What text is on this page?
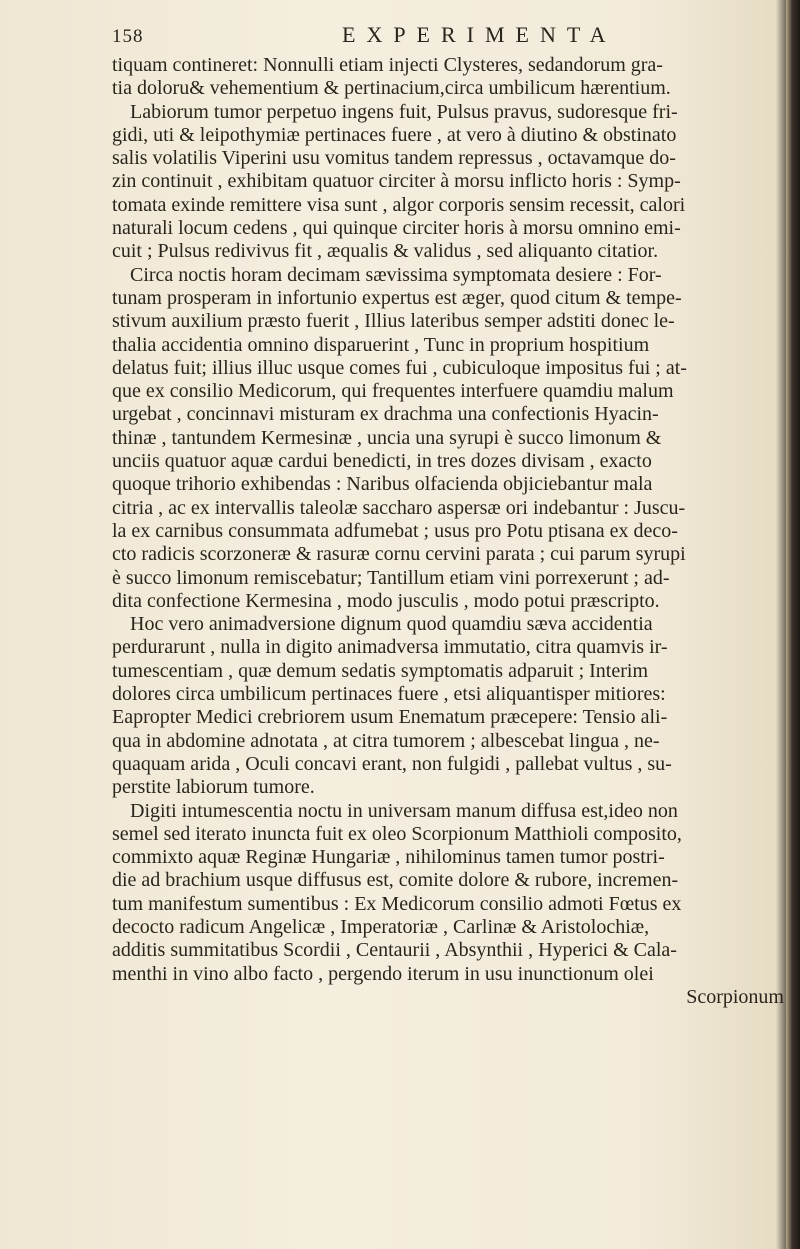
158	EXPERIMENTA
tiquam contineret: Nonnulli etiam injecti Clysteres, sedandorum gra-
tia doloru& vehementium & pertinacium,circa umbilicum hærentium.
Labiorum tumor perpetuo ingens fuit, Pulsus pravus, sudoresque fri-
gidi, uti & leipothymiæ pertinaces fuere , at vero à diutino & obstinato
salis volatilis Viperini usu vomitus tandem repressus , octavamque do-
zin continuit , exhibitam quatuor circiter à morsu inflicto horis : Symp-
tomata exinde remittere visa sunt , algor corporis sensim recessit, calori
naturali locum cedens , qui quinque circiter horis à morsu omnino emi-
cuit ; Pulsus redivivus fit , æqualis & validus , sed aliquanto citatior.
Circa noctis horam decimam sævissima symptomata desiere : For-
tunam prosperam in infortunio expertus est æger, quod citum & tempe-
stivum auxilium præsto fuerit , Illius lateribus semper adstiti donec le-
thalia accidentia omnino disparuerint , Tunc in proprium hospitium
delatus fuit; illius illuc usque comes fui , cubiculoque impositus fui ; at-
que ex consilio Medicorum, qui frequentes interfuere quamdiu malum
urgebat , concinnavi misturam ex drachma una confectionis Hyacin-
thinæ , tantundem Kermesinæ , uncia una syrupi è succo limonum &
unciis quatuor aquæ cardui benedicti, in tres dozes divisam , exacto
quoque trihorio exhibendas : Naribus olfacienda objiciebantur mala
citria , ac ex intervallis taleolæ saccharo aspersæ ori indebantur : Juscu-
la ex carnibus consummata adfumebat ; usus pro Potu ptisana ex deco-
cto radicis scorzoneræ & rasuræ cornu cervini parata ; cui parum syrupi
è succo limonum remiscebatur; Tantillum etiam vini porrexerunt ; ad-
dita confectione Kermesina , modo jusculis , modo potui præscripto.
Hoc vero animadversione dignum quod quamdiu sæva accidentia
perdurarunt , nulla in digito animadversa immutatio, citra quamvis ir-
tumescentiam , quæ demum sedatis symptomatis adparuit ; Interim
dolores circa umbilicum pertinaces fuere , etsi aliquantisper mitiores:
Eapropter Medici crebriorem usum Enematum præcepere: Tensio ali-
qua in abdomine adnotata , at citra tumorem ; albescebat lingua , ne-
quaquam arida , Oculi concavi erant, non fulgidi , pallebat vultus , su-
perstite labiorum tumore.
Digiti intumescentia noctu in universam manum diffusa est,ideo non
semel sed iterato inuncta fuit ex oleo Scorpionum Matthioli composito,
commixto aquæ Reginæ Hungariæ , nihilominus tamen tumor postri-
die ad brachium usque diffusus est, comite dolore & rubore, incremen-
tum manifestum sumentibus : Ex Medicorum consilio admoti Fœtus ex
decocto radicum Angelicæ , Imperatoriæ , Carlinæ & Aristolochiæ,
additis summitatibus Scordii , Centaurii , Absynthii , Hyperici & Cala-
menthi in vino albo facto , pergendo iterum in usu inunctionum olei
Scorpionum
